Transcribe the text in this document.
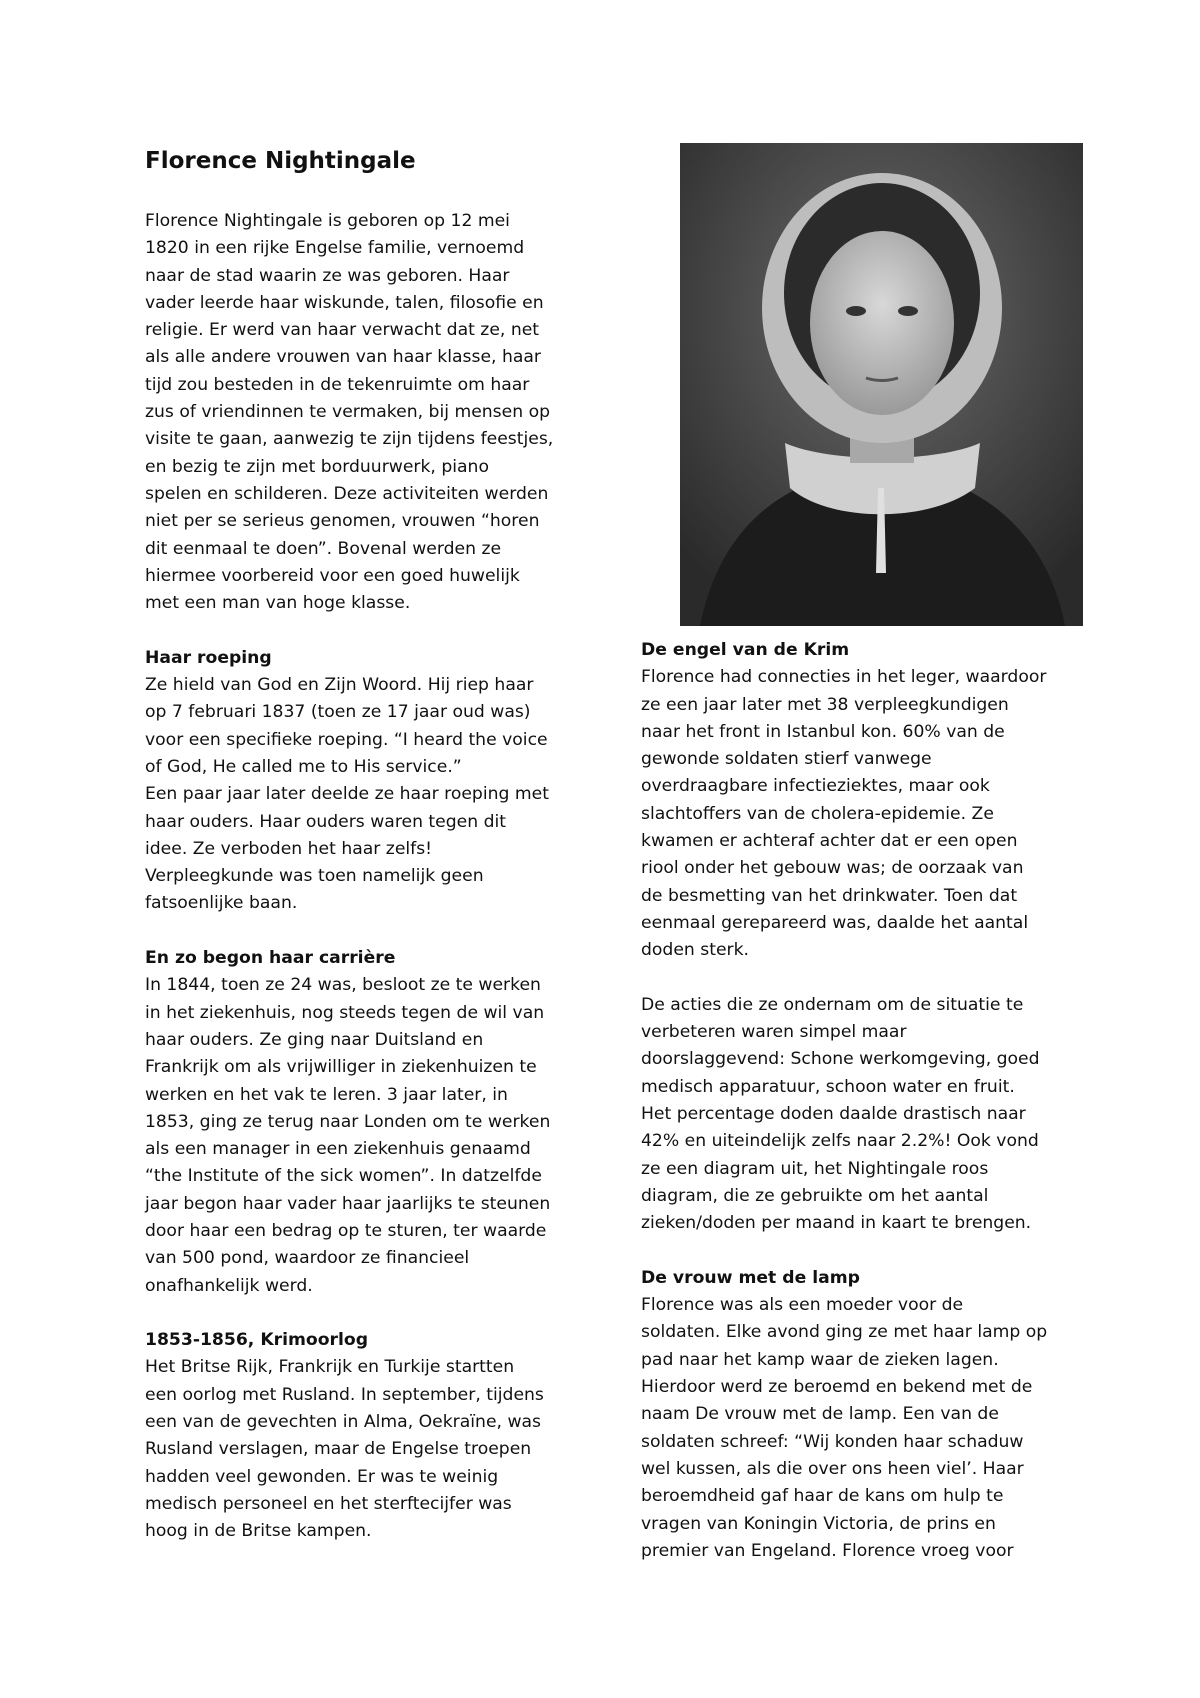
Florence Nightingale

Florence Nightingale is geboren op 12 mei
1820 in een rijke Engelse familie, vernoemd
naar de stad waarin ze was geboren. Haar
vader leerde haar wiskunde, talen, filosofie en
religie. Er werd van haar verwacht dat ze, net
als alle andere vrouwen van haar klasse, haar
tijd zou besteden in de tekenruimte om haar
zus of vriendinnen te vermaken, bij mensen op
visite te gaan, aanwezig te zijn tijdens feestjes,
en bezig te zijn met borduurwerk, piano
spelen en schilderen. Deze activiteiten werden
niet per se serieus genomen, vrouwen “horen
dit eenmaal te doen”. Bovenal werden ze
hiermee voorbereid voor een goed huwelijk
met een man van hoge klasse.

Haar roeping

Ze hield van God en Zijn Woord. Hij riep haar
op 7 februari 1837 (toen ze 17 jaar oud was)
voor een specifieke roeping. “I heard the voice
of God, He called me to His service.”
Een paar jaar later deelde ze haar roeping met
haar ouders. Haar ouders waren tegen dit
idee. Ze verboden het haar zelfs!
Verpleegkunde was toen namelijk geen
fatsoenlijke baan.

En zo begon haar carrière

In 1844, toen ze 24 was, besloot ze te werken
in het ziekenhuis, nog steeds tegen de wil van
haar ouders. Ze ging naar Duitsland en
Frankrijk om als vrijwilliger in ziekenhuizen te
werken en het vak te leren. 3 jaar later, in
1853, ging ze terug naar Londen om te werken
als een manager in een ziekenhuis genaamd
“the Institute of the sick women”. In datzelfde
jaar begon haar vader haar jaarlijks te steunen
door haar een bedrag op te sturen, ter waarde
van 500 pond, waardoor ze financieel
onafhankelijk werd.

1853-1856, Krimoorlog

Het Britse Rijk, Frankrijk en Turkije startten
een oorlog met Rusland. In september, tijdens
een van de gevechten in Alma, Oekraïne, was
Rusland verslagen, maar de Engelse troepen
hadden veel gewonden. Er was te weinig
medisch personeel en het sterftecijfer was
hoog in de Britse kampen.

De engel van de Krim

Florence had connecties in het leger, waardoor
ze een jaar later met 38 verpleegkundigen
naar het front in Istanbul kon. 60% van de
gewonde soldaten stierf vanwege
overdraagbare infectieziektes, maar ook
slachtoffers van de cholera-epidemie. Ze
kwamen er achteraf achter dat er een open
riool onder het gebouw was; de oorzaak van
de besmetting van het drinkwater. Toen dat
eenmaal gerepareerd was, daalde het aantal
doden sterk.

De acties die ze ondernam om de situatie te
verbeteren waren simpel maar
doorslaggevend: Schone werkomgeving, goed
medisch apparatuur, schoon water en fruit.
Het percentage doden daalde drastisch naar
42% en uiteindelijk zelfs naar 2.2%! Ook vond
ze een diagram uit, het Nightingale roos
diagram, die ze gebruikte om het aantal
zieken/doden per maand in kaart te brengen.

De vrouw met de lamp

Florence was als een moeder voor de
soldaten. Elke avond ging ze met haar lamp op
pad naar het kamp waar de zieken lagen.
Hierdoor werd ze beroemd en bekend met de
naam De vrouw met de lamp. Een van de
soldaten schreef: “Wij konden haar schaduw
wel kussen, als die over ons heen viel’. Haar
beroemdheid gaf haar de kans om hulp te
vragen van Koningin Victoria, de prins en
premier van Engeland. Florence vroeg voor
